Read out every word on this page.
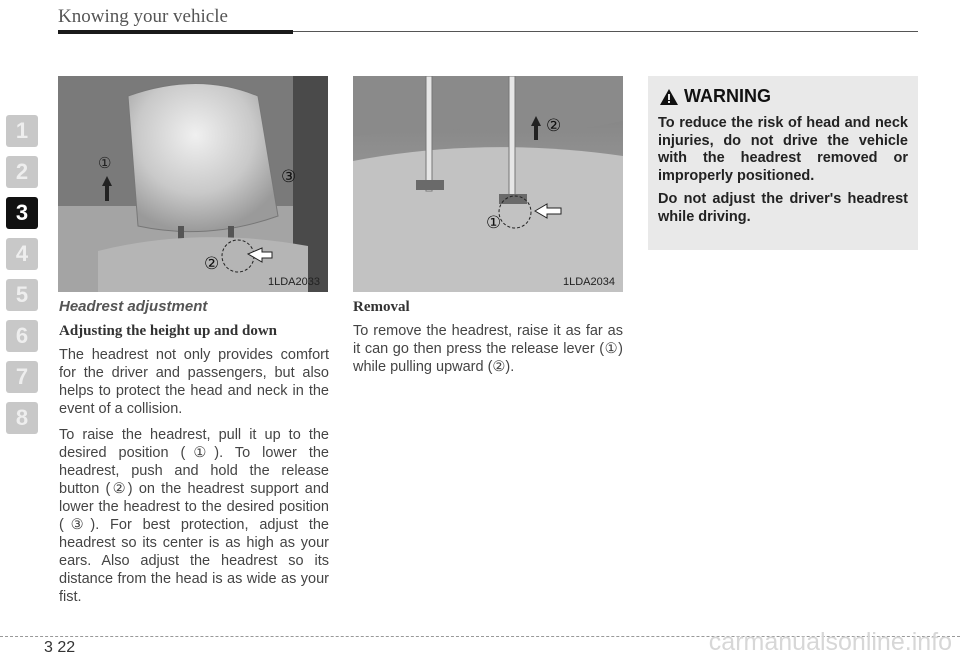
Knowing your vehicle
1
2
3
4
5
6
7
8
①
③
②
1LDA2033
②
①
1LDA2034
Headrest adjustment
Adjusting the height up and down

The headrest not only provides comfort for the driver and passengers, but also helps to protect the head and neck in the event of a collision.

To raise the headrest, pull it up to the desired position (①). To lower the headrest, push and hold the release button (②) on the headrest support and lower the headrest to the desired position (③). For best protection, adjust the headrest so its center is as high as your ears. Also adjust the headrest so its distance from the head is as wide as your fist.

Removal

To remove the headrest, raise it as far as it can go then press the release lever (①) while pulling upward (②).

WARNING

To reduce the risk of head and neck injuries, do not drive the vehicle with the headrest removed or improperly positioned.

Do not adjust the driver's headrest while driving.

3 22	carmanualsonline.info
